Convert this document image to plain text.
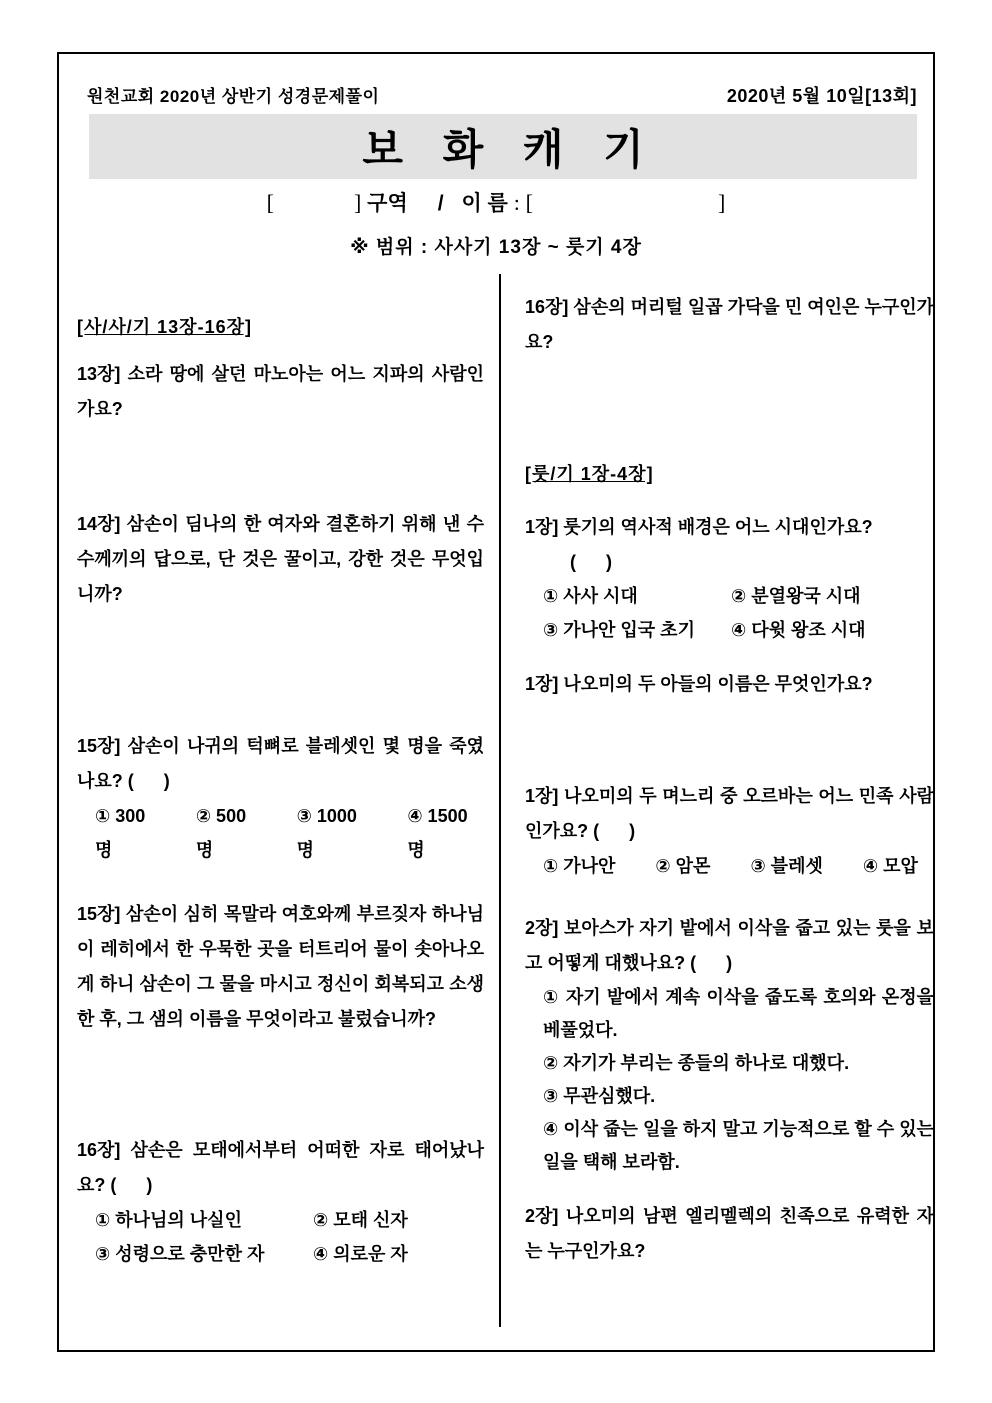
원천교회 2020년 상반기 성경문제풀이	2020년 5월 10일[13회]
보 화 캐 기
[	] 구역 / 이 름 : [	]
※ 범위 : 사사기 13장 ~ 룻기 4장

[사/사/기 13장-16장]

13장] 소라 땅에 살던 마노아는 어느 지파의 사람인가요?

14장] 삼손이 딤나의 한 여자와 결혼하기 위해 낸 수수께끼의 답으로, 단 것은 꿀이고, 강한 것은 무엇입니까?

15장] 삼손이 나귀의 턱뼈로 블레셋인 몇 명을 죽였나요? (      )

① 300명
② 500명
③ 1000명
④ 1500명

15장] 삼손이 심히 목말라 여호와께 부르짖자 하나님이 레히에서 한 우묵한 곳을 터트리어 물이 솟아나오게 하니 삼손이 그 물을 마시고 정신이 회복되고 소생한 후, 그 샘의 이름을 무엇이라고 불렀습니까?

16장] 삼손은 모태에서부터 어떠한 자로 태어났나요? (      )

① 하나님의 나실인	② 모태 신자
③ 성령으로 충만한 자	④ 의로운 자

16장] 삼손의 머리털 일곱 가닥을 민 여인은 누구인가요?

[룻/기 1장-4장]

1장] 룻기의 역사적 배경은 어느 시대인가요?

(      )
① 사사 시대	② 분열왕국 시대
③ 가나안 입국 초기	④ 다윗 왕조 시대

1장] 나오미의 두 아들의 이름은 무엇인가요?

1장] 나오미의 두 며느리 중 오르바는 어느 민족 사람인가요? (      )

① 가나안 ② 암몬 ③ 블레셋 ④ 모압

2장] 보아스가 자기 밭에서 이삭을 줍고 있는 룻을 보고 어떻게 대했나요? (      )

① 자기 밭에서 계속 이삭을 줍도록 호의와 온정을 베풀었다.

② 자기가 부리는 종들의 하나로 대했다.

③ 무관심했다.

④ 이삭 줍는 일을 하지 말고 기능적으로 할 수 있는 일을 택해 보라함.

2장] 나오미의 남편 엘리멜렉의 친족으로 유력한 자는 누구인가요?
